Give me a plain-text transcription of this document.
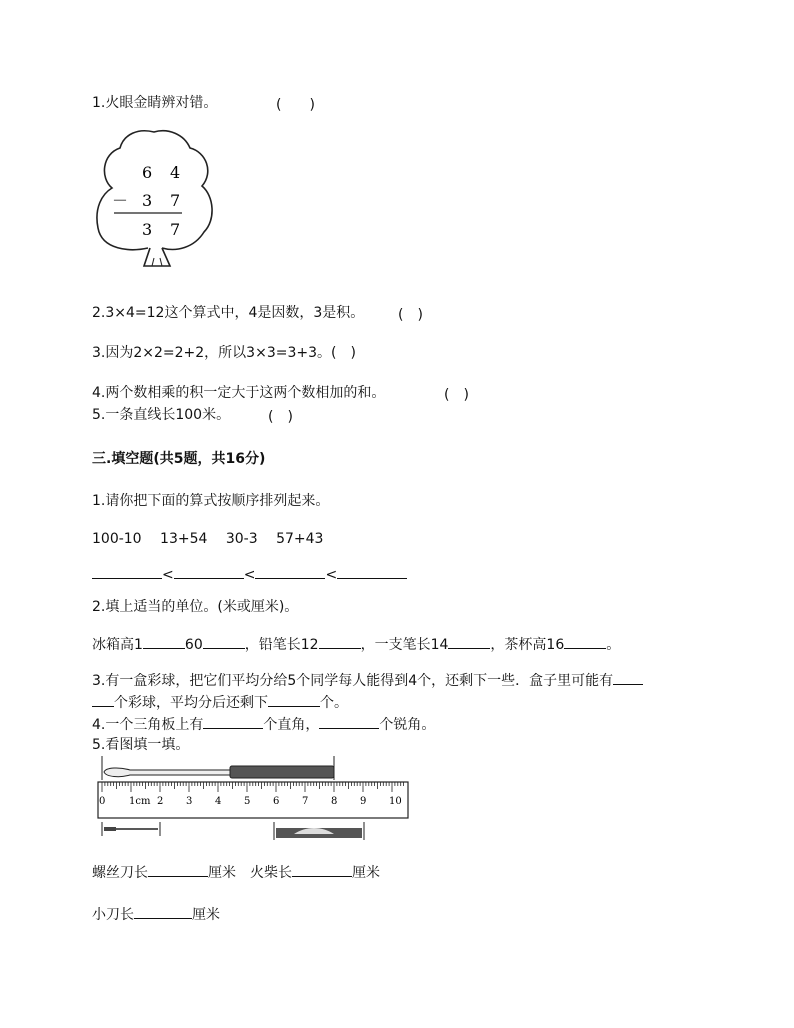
1.火眼金睛辨对错。	(　　)
6 4
－ 3 7
3 7
2.3×4=12这个算式中，4是因数，3是积。 (　)
3.因为2×2=2+2，所以3×3=3+3。(　)
4.两个数相乘的积一定大于这两个数相加的和。	(　)
5.一条直线长100米。	(　)
三.填空题(共5题，共16分)
1.请你把下面的算式按顺序排列起来。
100-10　 13+54　 30-3　 57+43
<	<	<
2.填上适当的单位。(米或厘米)。
冰箱高1	60	，铅笔长12	，一支笔长14	，茶杯高16	。
3.有一盒彩球，把它们平均分给5个同学每人能得到4个，还剩下一些．盒子里可能有
个彩球，平均分后还剩下	个。
4.一个三角板上有	个直角，	个锐角。
5.看图填一填。
0 1cm 2 3 4 5 6 7 8 9 10
螺丝刀长	厘米 火柴长	厘米
小刀长	厘米
